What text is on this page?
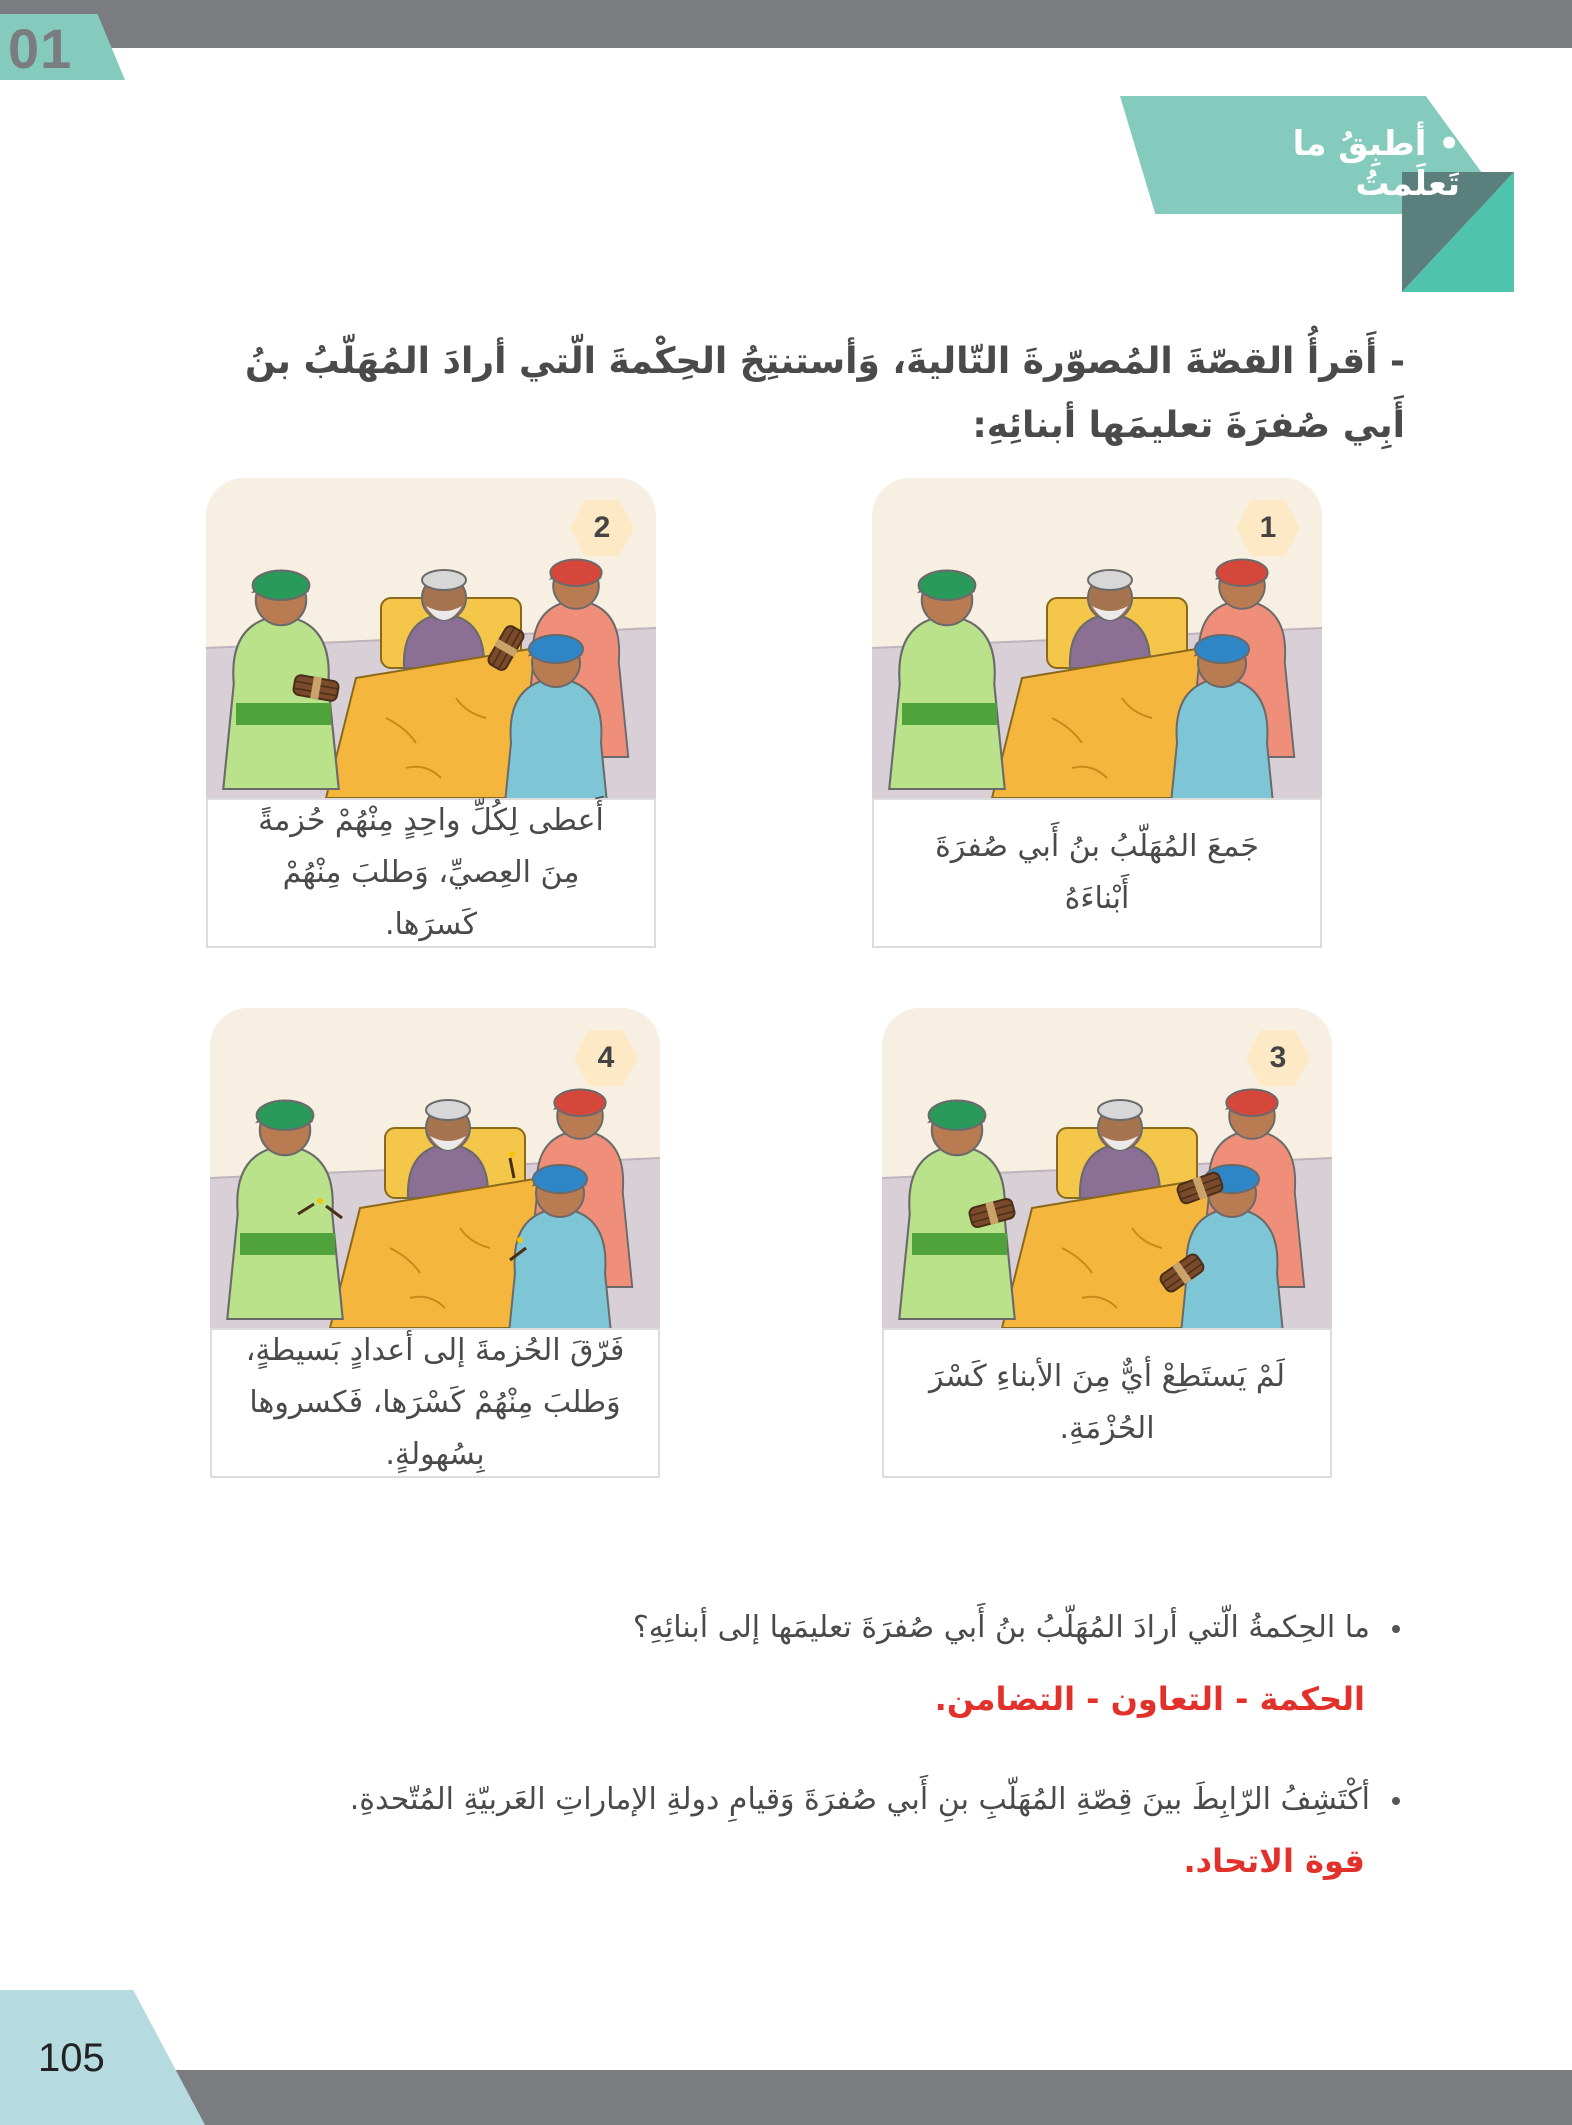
01
• أطبِقُ ما تَعلَمتُ
- أَقرأُ القصّةَ المُصوّرةَ التّاليةَ، وَأستنتِجُ الحِكْمةَ الّتي أرادَ المُهَلّبُ بنُ أَبِي صُفرَةَ تعليمَها أبنائِهِ:
جَمعَ المُهَلّبُ بنُ أَبي صُفرَةَ أَبْناءَهُ
1
أَعطى لِكُلِّ واحِدٍ مِنْهُمْ حُزمةً مِنَ العِصيِّ، وَطلبَ مِنْهُمْ كَسرَها.
2
لَمْ يَستَطِعْ أيٌّ مِنَ الأبناءِ كَسْرَ الحُزْمَةِ.
3
فَرّقَ الحُزمةَ إلى أعدادٍ بَسيطةٍ، وَطلبَ مِنْهُمْ كَسْرَها، فَكسروها بِسُهولةٍ.
4
ما الحِكمةُ الّتي أرادَ المُهَلّبُ بنُ أَبي صُفرَةَ تعليمَها إلى أبنائِهِ؟
الحكمة - التعاون - التضامن.
أكْتَشِفُ الرّابِطَ بينَ قِصّةِ المُهَلّبِ بنِ أَبي صُفرَةَ وَقيامِ دولةِ الإماراتِ العَربيّةِ المُتّحدةِ.
قوة الاتحاد.
105
